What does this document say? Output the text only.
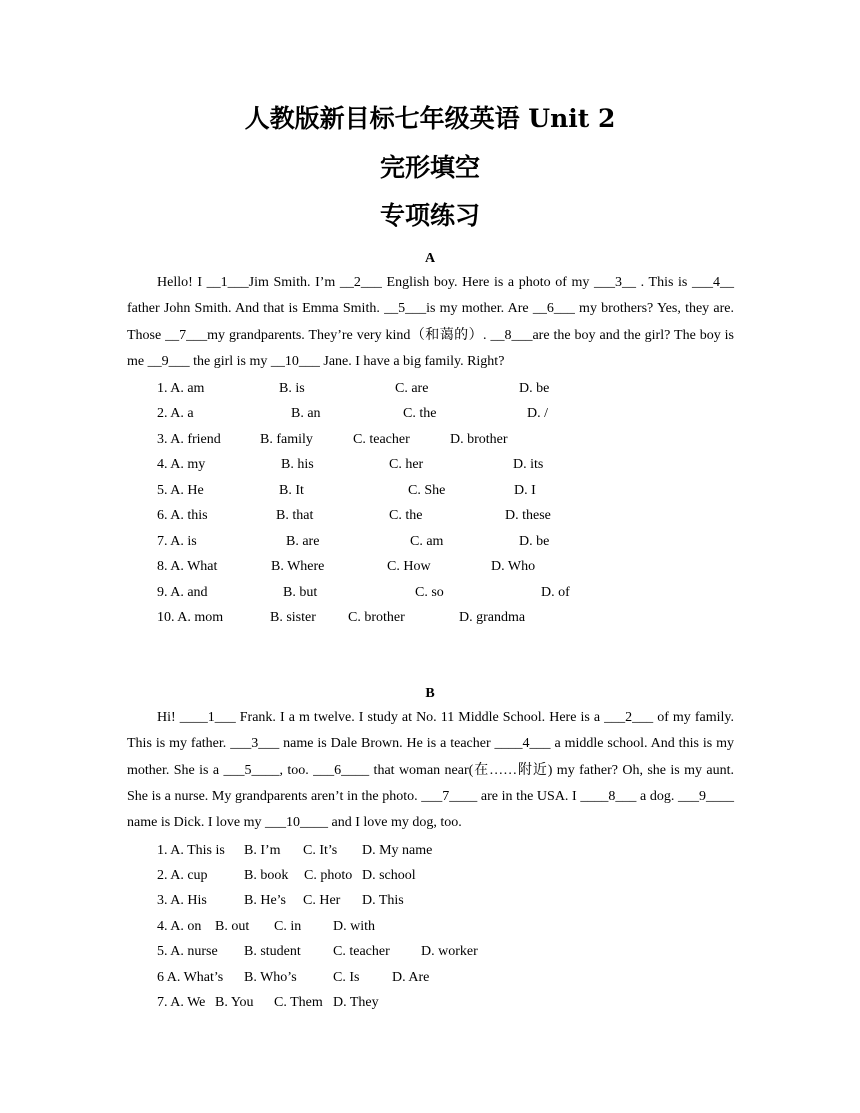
人教版新目标七年级英语 Unit 2
完形填空
专项练习
A
Hello! I __1___Jim Smith. I’m __2___ English boy. Here is a photo of my ___3__ . This is ___4__ father John Smith. And that is Emma Smith. __5___is my mother. Are __6___ my brothers? Yes, they are. Those __7___my grandparents. They’re very kind（和蔼的）. __8___are the boy and the girl? The boy is me __9___ the girl is my __10___ Jane. I have a big family. Right?
1. A. am	B. is	C. are	D. be
2. A. a	B. an	C. the	D. /
3. A. friend	B. family	C. teacher	D. brother
4. A. my	B. his	C. her	D. its
5. A. He	B. It	C. She	D. I
6. A. this	B. that	C. the	D. these
7. A. is	B. are	C. am	D. be
8. A. What	B. Where	C. How	D. Who
9. A. and	B. but	C. so	D. of
10. A. mom	B. sister C. brother	D. grandma
B
Hi! ____1___ Frank. I a m twelve. I study at No. 11 Middle School. Here is a ___2___ of my family. This is my father. ___3___ name is Dale Brown. He is a teacher ____4___ a middle school. And this is my mother. She is a ___5____, too. ___6____ that woman near(在……附近) my father? Oh, she is my aunt. She is a nurse. My grandparents aren’t in the photo. ___7____ are in the USA. I ____8___ a dog. ___9____ name is Dick. I love my ___10____ and I love my dog, too.
1. A. This is B. I’m C. It’s D. My name
2. A. cup	B. book C. photo D. school
3. A. His	B. He’s C. Her D. This
4. A. on B. out C. in D. with
5. A. nurse B. student C. teacher D. worker
6 A. What’s B. Who’s	C. Is D. Are
7. A. We B. You C. Them D. They
